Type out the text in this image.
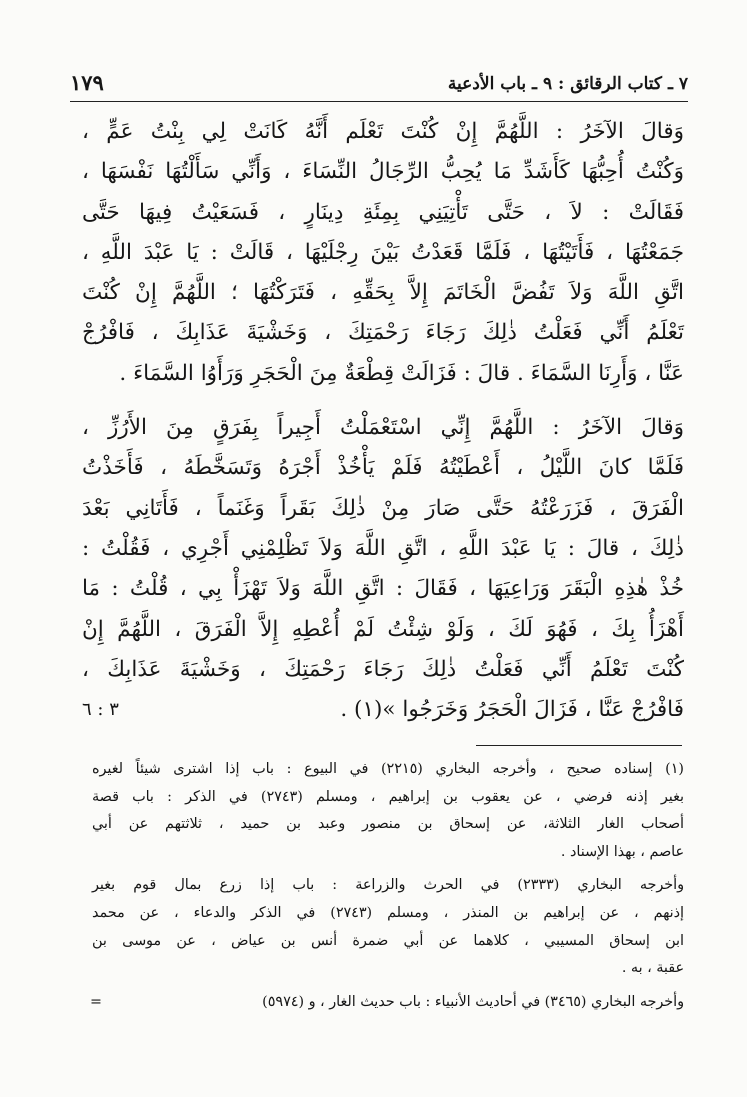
٧ ـ كتاب الرقائق : ٩ ـ باب الأدعية
١٧٩
وَقالَ الآخَرُ : اللَّهُمَّ إِنْ كُنْتَ تَعْلَم أَنَّهُ كَانَتْ لِي بِنْتُ عَمٍّ ،
وَكُنْتُ أُحِبُّهَا كَأَشَدِّ مَا يُحِبُّ الرِّجَالُ النِّسَاءَ ، وَأَنِّي سَأَلْتُهَا نَفْسَهَا ،
فَقَالَتْ : لاَ ، حَتَّى تَأْتِيَنِي بِمِئَةِ دِينَارٍ ، فَسَعَيْتُ فِيهَا حَتَّى
جَمَعْتُهَا ، فَأَتَيْتُهَا ، فَلَمَّا قَعَدْتُ بَيْنَ رِجْلَيْهَا ، قَالَتْ : يَا عَبْدَ اللَّهِ ،
اتَّقِ اللَّهَ وَلاَ تَفُضَّ الْخَاتَمَ إِلاَّ بِحَقِّهِ ، فَتَرَكْتُهَا ؛ اللَّهُمَّ إِنْ كُنْتَ
تَعْلَمُ أَنِّي فَعَلْتُ ذٰلِكَ رَجَاءَ رَحْمَتِكَ ، وَخَشْيَةَ عَذَابِكَ ، فَافْرُجْ
عَنَّا ، وَأَرِنَا السَّمَاءَ . قالَ : فَزَالَتْ قِطْعَةٌ مِنَ الْحَجَرِ وَرَأَوُا السَّمَاءَ .
وَقالَ الآخَرُ : اللَّهُمَّ إِنِّي اسْتَعْمَلْتُ أَجِيراً بِفَرَقٍ مِنَ الأَرُزِّ ،
فَلَمَّا كانَ اللَّيْلُ ، أَعْطَيْتُهُ فَلَمْ يَأْخُذْ أَجْرَهُ وَتَسَخَّطَهُ ، فَأَخَذْتُ
الْفَرَقَ ، فَزَرَعْتُهُ حَتَّى صَارَ مِنْ ذٰلِكَ بَقَراً وَغَنَماً ، فَأَتَانِي بَعْدَ
ذٰلِكَ ، قالَ : يَا عَبْدَ اللَّهِ ، اتَّقِ اللَّهَ وَلاَ تَظْلِمْنِي أَجْرِي ، فَقُلْتُ :
خُذْ هٰذِهِ الْبَقَرَ وَرَاعِيَهَا ، فَقَالَ : اتَّقِ اللَّهَ وَلاَ تَهْزَأْ بِي ، قُلْتُ : مَا
أَهْزَأُ بِكَ ، فَهُوَ لَكَ ، وَلَوْ شِئْتُ لَمْ أُعْطِهِ إِلاَّ الْفَرَقَ ، اللَّهُمَّ إِنْ
كُنْتَ تَعْلَمُ أَنِّي فَعَلْتُ ذٰلِكَ رَجَاءَ رَحْمَتِكَ ، وَخَشْيَةَ عَذَابِكَ ،
فَافْرُجْ عَنَّا ، فَزَالَ الْحَجَرُ وَخَرَجُوا »(١) .
٣ : ٦
(١) إسناده صحيح ، وأخرجه البخاري (٢٢١٥) في البيوع : باب إذا اشترى شيئاً لغيره
بغير إذنه فرضي ، عن يعقوب بن إبراهيم ، ومسلم (٢٧٤٣) في الذكر : باب قصة
أصحاب الغار الثلاثة، عن إسحاق بن منصور وعبد بن حميد ، ثلاثتهم عن أبي
عاصم ، بهذا الإسناد .
وأخرجه البخاري (٢٣٣٣) في الحرث والزراعة : باب إذا زرع بمال قوم بغير
إذنهم ، عن إبراهيم بن المنذر ، ومسلم (٢٧٤٣) في الذكر والدعاء ، عن محمد
ابن إسحاق المسيبي ، كلاهما عن أبي ضمرة أنس بن عياض ، عن موسى بن
عقبة ، به .
وأخرجه البخاري (٣٤٦٥) في أحاديث الأنبياء : باب حديث الغار ، و (٥٩٧٤)
=
